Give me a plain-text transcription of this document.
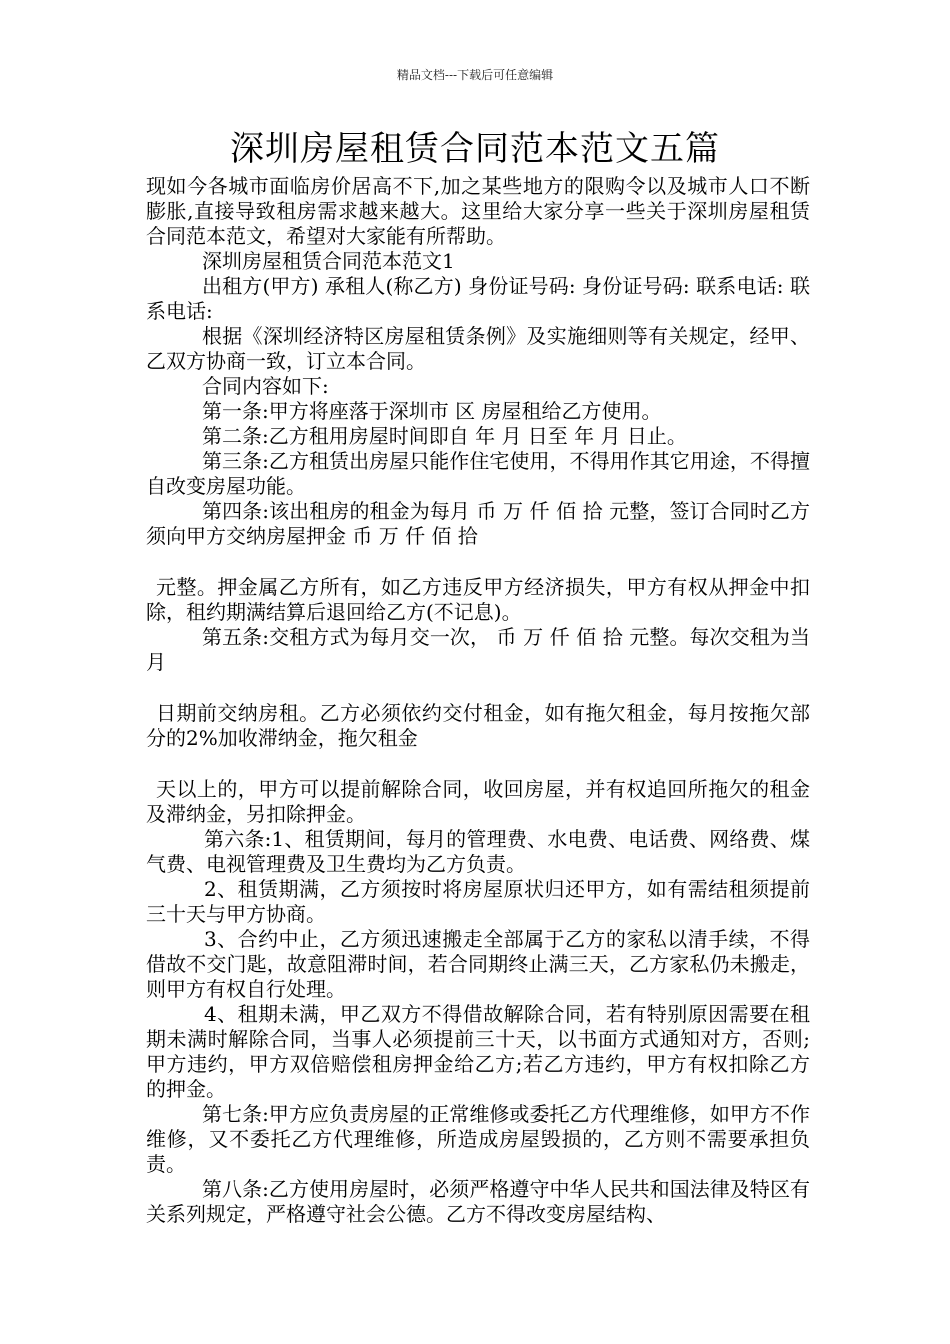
精品文档---下载后可任意编辑
深圳房屋租赁合同范本范文五篇

现如今各城市面临房价居高不下,加之某些地方的限购令以及城市人口不断膨胀,直接导致租房需求越来越大。这里给大家分享一些关于深圳房屋租赁合同范本范文，希望对大家能有所帮助。

深圳房屋租赁合同范本范文1

出租方(甲方) 承租人(称乙方) 身份证号码: 身份证号码: 联系电话: 联系电话:

根据《深圳经济特区房屋租赁条例》及实施细则等有关规定，经甲、乙双方协商一致，订立本合同。

合同内容如下:

第一条:甲方将座落于深圳市 区 房屋租给乙方使用。

第二条:乙方租用房屋时间即自 年 月 日至 年 月 日止。

第三条:乙方租赁出房屋只能作住宅使用，不得用作其它用途，不得擅自改变房屋功能。

第四条:该出租房的租金为每月 币 万 仟 佰 拾 元整，签订合同时乙方须向甲方交纳房屋押金 币 万 仟 佰 拾

元整。押金属乙方所有，如乙方违反甲方经济损失，甲方有权从押金中扣除，租约期满结算后退回给乙方(不记息)。

第五条:交租方式为每月交一次， 币 万 仟 佰 拾 元整。每次交租为当月

日期前交纳房租。乙方必须依约交付租金，如有拖欠租金，每月按拖欠部分的2%加收滞纳金，拖欠租金

天以上的，甲方可以提前解除合同，收回房屋，并有权追回所拖欠的租金及滞纳金，另扣除押金。

第六条:1、租赁期间，每月的管理费、水电费、电话费、网络费、煤气费、电视管理费及卫生费均为乙方负责。

2、租赁期满，乙方须按时将房屋原状归还甲方，如有需结租须提前三十天与甲方协商。

3、合约中止，乙方须迅速搬走全部属于乙方的家私以清手续，不得借故不交门匙，故意阻滞时间，若合同期终止满三天，乙方家私仍未搬走，则甲方有权自行处理。

4、租期未满，甲乙双方不得借故解除合同，若有特别原因需要在租期未满时解除合同，当事人必须提前三十天，以书面方式通知对方，否则;甲方违约，甲方双倍赔偿租房押金给乙方;若乙方违约，甲方有权扣除乙方的押金。

第七条:甲方应负责房屋的正常维修或委托乙方代理维修，如甲方不作维修，又不委托乙方代理维修，所造成房屋毁损的，乙方则不需要承担负责。

第八条:乙方使用房屋时，必须严格遵守中华人民共和国法律及特区有关系列规定，严格遵守社会公德。乙方不得改变房屋结构、
